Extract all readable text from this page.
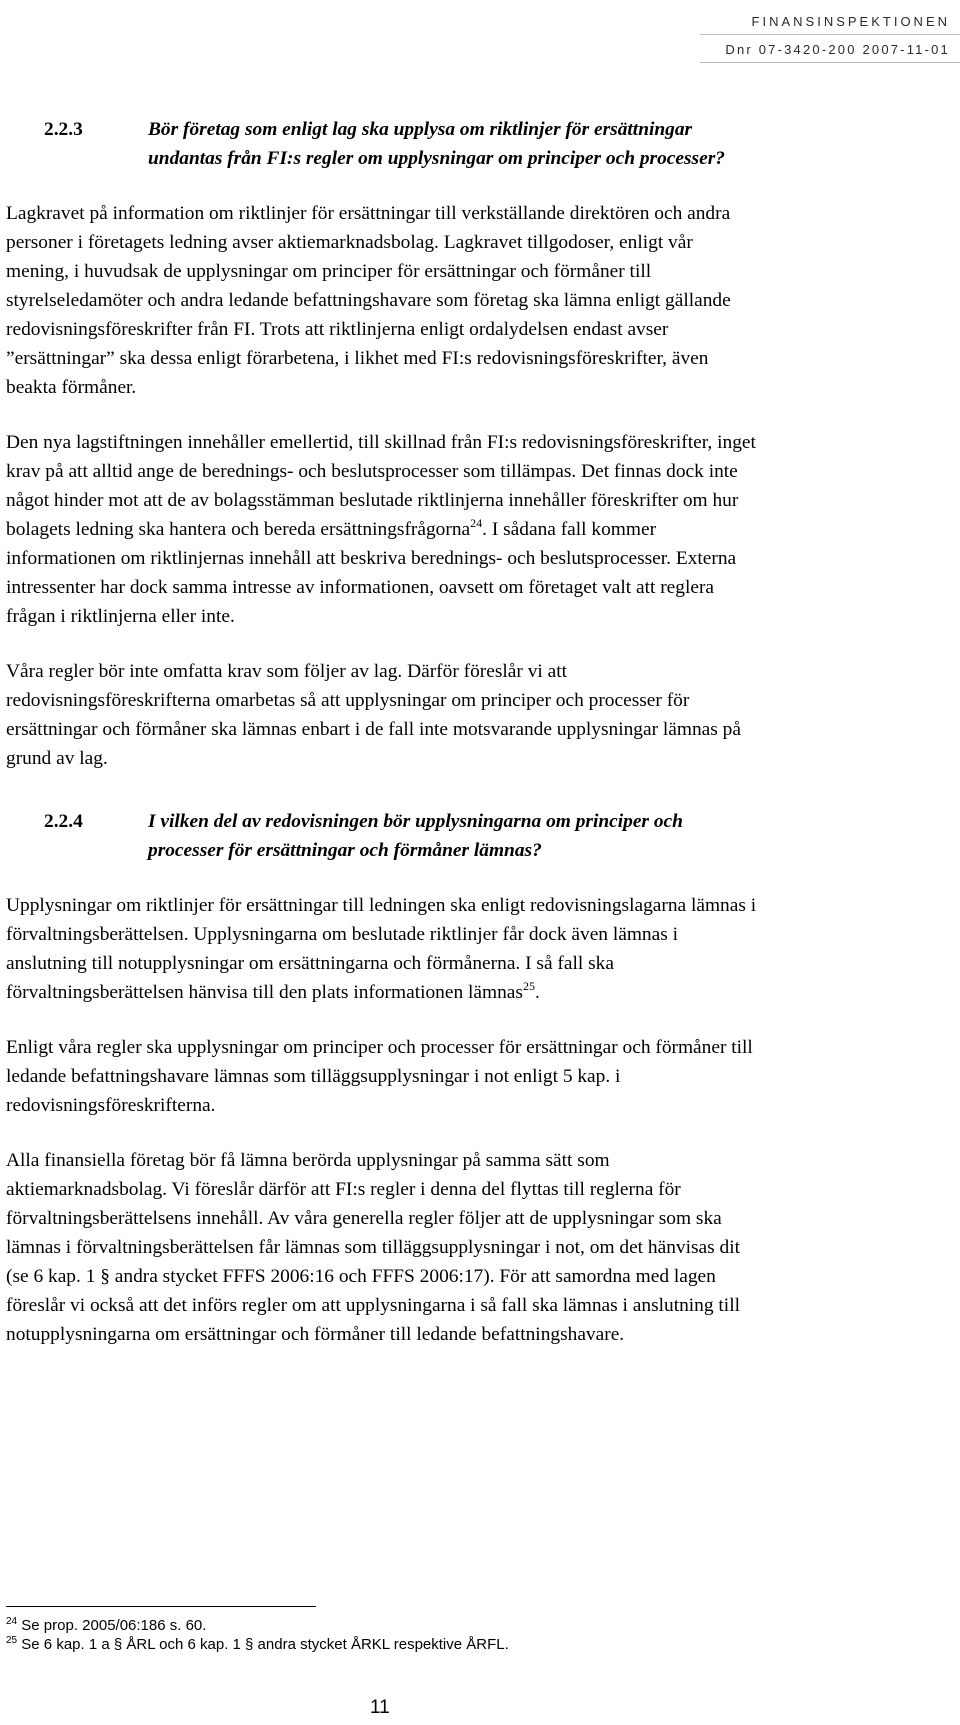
FINANSINSPEKTIONEN
Dnr 07-3420-200 2007-11-01
2.2.3	Bör företag som enligt lag ska upplysa om riktlinjer för ersättningar undantas från FI:s regler om upplysningar om principer och processer?

Lagkravet på information om riktlinjer för ersättningar till verkställande direktören och andra personer i företagets ledning avser aktiemarknadsbolag. Lagkravet tillgodoser, enligt vår mening, i huvudsak de upplysningar om principer för ersättningar och förmåner till styrelseledamöter och andra ledande befattningshavare som företag ska lämna enligt gällande redovisningsföreskrifter från FI. Trots att riktlinjerna enligt ordalydelsen endast avser ”ersättningar” ska dessa enligt förarbetena, i likhet med FI:s redovisningsföreskrifter, även beakta förmåner.

Den nya lagstiftningen innehåller emellertid, till skillnad från FI:s redovisningsföreskrifter, inget krav på att alltid ange de berednings- och beslutsprocesser som tillämpas. Det finnas dock inte något hinder mot att de av bolagsstämman beslutade riktlinjerna innehåller föreskrifter om hur bolagets ledning ska hantera och bereda ersättningsfrågorna$^{24}$. I sådana fall kommer informationen om riktlinjernas innehåll att beskriva berednings- och beslutsprocesser. Externa intressenter har dock samma intresse av informationen, oavsett om företaget valt att reglera frågan i riktlinjerna eller inte.

Våra regler bör inte omfatta krav som följer av lag. Därför föreslår vi att redovisningsföreskrifterna omarbetas så att upplysningar om principer och processer för ersättningar och förmåner ska lämnas enbart i de fall inte motsvarande upplysningar lämnas på grund av lag.

2.2.4	I vilken del av redovisningen bör upplysningarna om principer och processer för ersättningar och förmåner lämnas?

Upplysningar om riktlinjer för ersättningar till ledningen ska enligt redovisningslagarna lämnas i förvaltningsberättelsen. Upplysningarna om beslutade riktlinjer får dock även lämnas i anslutning till notupplysningar om ersättningarna och förmånerna. I så fall ska förvaltningsberättelsen hänvisa till den plats informationen lämnas$^{25}$.

Enligt våra regler ska upplysningar om principer och processer för ersättningar och förmåner till ledande befattningshavare lämnas som tilläggsupplysningar i not enligt 5 kap. i redovisningsföreskrifterna.

Alla finansiella företag bör få lämna berörda upplysningar på samma sätt som aktiemarknadsbolag. Vi föreslår därför att FI:s regler i denna del flyttas till reglerna för förvaltningsberättelsens innehåll. Av våra generella regler följer att de upplysningar som ska lämnas i förvaltningsberättelsen får lämnas som tilläggsupplysningar i not, om det hänvisas dit (se 6 kap. 1 § andra stycket FFFS 2006:16 och FFFS 2006:17). För att samordna med lagen föreslår vi också att det införs regler om att upplysningarna i så fall ska lämnas i anslutning till notupplysningarna om ersättningar och förmåner till ledande befattningshavare.

$^{24}$ Se prop. 2005/06:186 s. 60.
$^{25}$ Se 6 kap. 1 a § ÅRL och 6 kap. 1 § andra stycket ÅRKL respektive ÅRFL.
11
